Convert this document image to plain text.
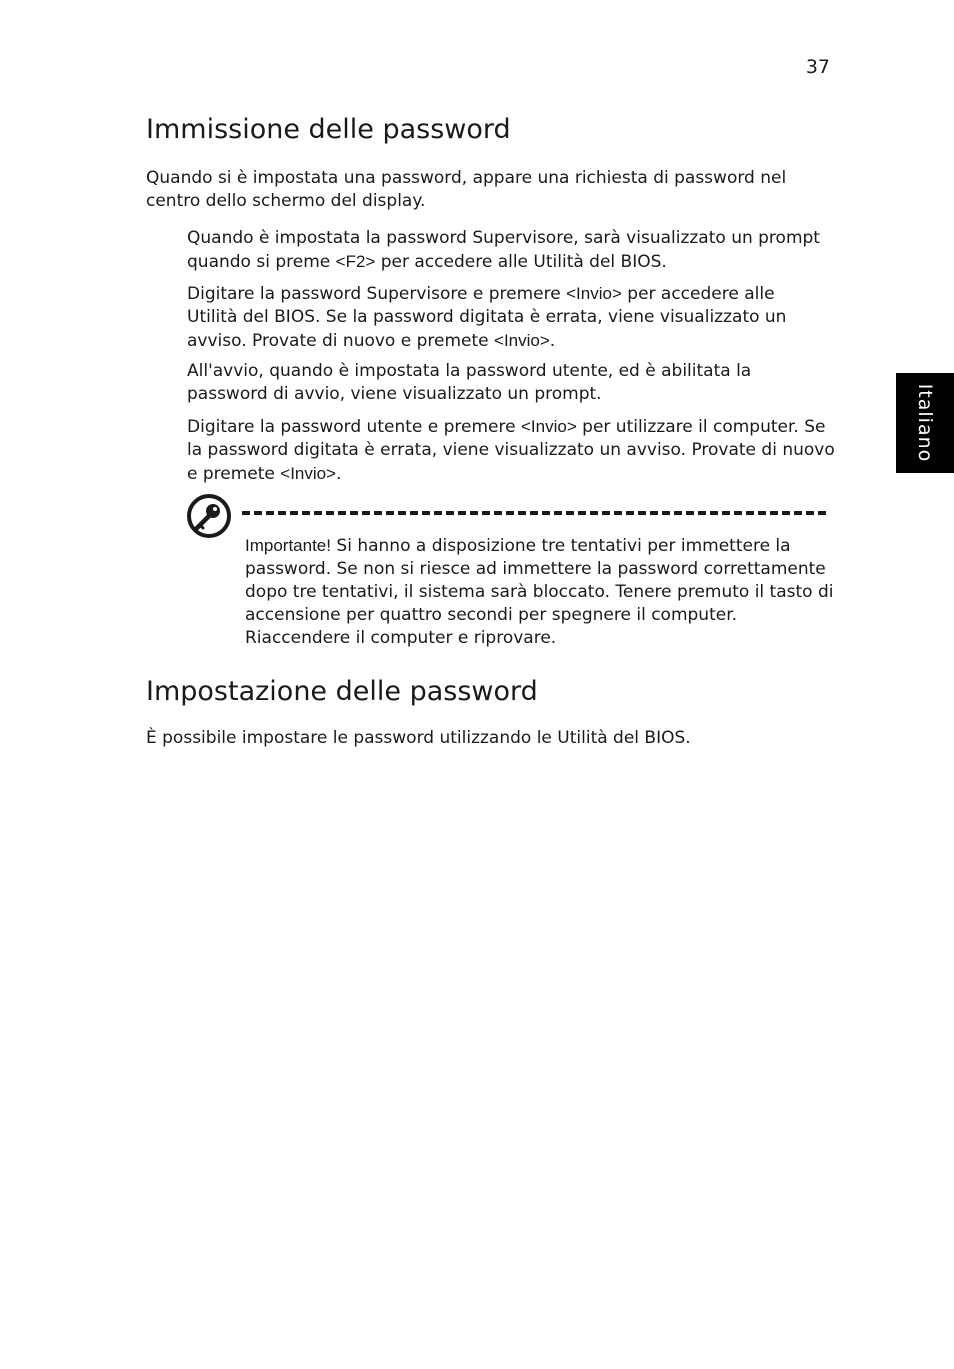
37
Italiano
Immissione delle password

Quando si è impostata una password, appare una richiesta di password nel centro dello schermo del display.

Quando è impostata la password Supervisore, sarà visualizzato un prompt quando si preme <F2> per accedere alle Utilità del BIOS.

Digitare la password Supervisore e premere <Invio> per accedere alle Utilità del BIOS. Se la password digitata è errata, viene visualizzato un avviso. Provate di nuovo e premete <Invio>.

All'avvio, quando è impostata la password utente, ed è abilitata la password di avvio, viene visualizzato un prompt.

Digitare la password utente e premere <Invio> per utilizzare il computer. Se la password digitata è errata, viene visualizzato un avviso. Provate di nuovo e premete <Invio>.

Importante! Si hanno a disposizione tre tentativi per immettere la password. Se non si riesce ad immettere la password correttamente dopo tre tentativi, il sistema sarà bloccato. Tenere premuto il tasto di accensione per quattro secondi per spegnere il computer. Riaccendere il computer e riprovare.

Impostazione delle password

È possibile impostare le password utilizzando le Utilità del BIOS.
